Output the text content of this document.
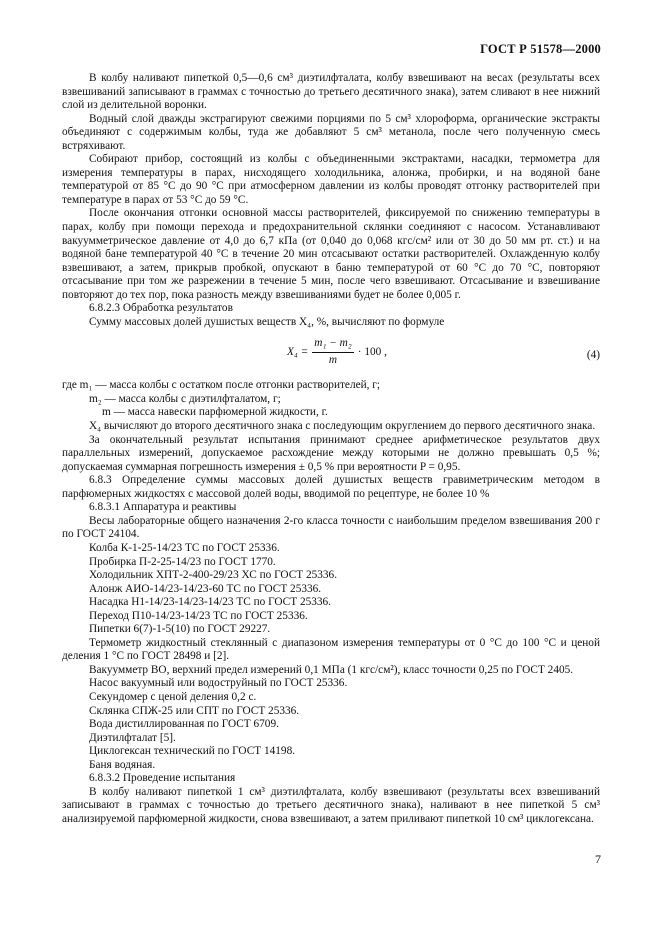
ГОСТ Р 51578—2000

В колбу наливают пипеткой 0,5—0,6 см³ диэтилфталата, колбу взвешивают на весах (результаты всех взвешиваний записывают в граммах с точностью до третьего десятичного знака), затем сливают в нее нижний слой из делительной воронки.

Водный слой дважды экстрагируют свежими порциями по 5 см³ хлороформа, органические экстракты объединяют с содержимым колбы, туда же добавляют 5 см³ метанола, после чего полученную смесь встряхивают.

Собирают прибор, состоящий из колбы с объединенными экстрактами, насадки, термометра для измерения температуры в парах, нисходящего холодильника, алонжа, пробирки, и на водяной бане температурой от 85 °С до 90 °С при атмосферном давлении из колбы проводят отгонку растворителей при температуре в парах от 53 °С до 59 °С.

После окончания отгонки основной массы растворителей, фиксируемой по снижению температуры в парах, колбу при помощи перехода и предохранительной склянки соединяют с насосом. Устанавливают вакуумметрическое давление от 4,0 до 6,7 кПа (от 0,040 до 0,068 кгс/см² или от 30 до 50 мм рт. ст.) и на водяной бане температурой 40 °С в течение 20 мин отсасывают остатки растворителей. Охлажденную колбу взвешивают, а затем, прикрыв пробкой, опускают в баню температурой от 60 °С до 70 °С, повторяют отсасывание при том же разрежении в течение 5 мин, после чего взвешивают. Отсасывание и взвешивание повторяют до тех пор, пока разность между взвешиваниями будет не более 0,005 г.

6.8.2.3 Обработка результатов

Сумму массовых долей душистых веществ X₄, %, вычисляют по формуле

$X_4 = \frac{\text{m₁ − m₂}}{m} \cdot 100$ ,	(4)

где m₁ — масса колбы с остатком после отгонки растворителей, г;

m₂ — масса колбы с диэтилфталатом, г;

m — масса навески парфюмерной жидкости, г.

X₄ вычисляют до второго десятичного знака с последующим округлением до первого десятичного знака.

За окончательный результат испытания принимают среднее арифметическое результатов двух параллельных измерений, допускаемое расхождение между которыми не должно превышать 0,5 %; допускаемая суммарная погрешность измерения ± 0,5 % при вероятности P = 0,95.

6.8.3 Определение суммы массовых долей душистых веществ гравиметрическим методом в парфюмерных жидкостях с массовой долей воды, вводимой по рецептуре, не более 10 %

6.8.3.1 Аппаратура и реактивы

Весы лабораторные общего назначения 2-го класса точности с наибольшим пределом взвешивания 200 г по ГОСТ 24104.

Колба К-1-25-14/23 ТС по ГОСТ 25336.

Пробирка П-2-25-14/23 по ГОСТ 1770.

Холодильник ХПТ-2-400-29/23 ХС по ГОСТ 25336.

Алонж АИО-14/23-14/23-60 ТС по ГОСТ 25336.

Насадка Н1-14/23-14/23-14/23 ТС по ГОСТ 25336.

Переход П10-14/23-14/23 ТС по ГОСТ 25336.

Пипетки 6(7)-1-5(10) по ГОСТ 29227.

Термометр жидкостный стеклянный с диапазоном измерения температуры от 0 °С до 100 °С и ценой деления 1 °С по ГОСТ 28498 и [2].

Вакуумметр ВО, верхний предел измерений 0,1 МПа (1 кгс/см²), класс точности 0,25 по ГОСТ 2405.

Насос вакуумный или водоструйный по ГОСТ 25336.

Секундомер с ценой деления 0,2 с.

Склянка СПЖ-25 или СПТ по ГОСТ 25336.

Вода дистиллированная по ГОСТ 6709.

Диэтилфталат [5].

Циклогексан технический по ГОСТ 14198.

Баня водяная.

6.8.3.2 Проведение испытания

В колбу наливают пипеткой 1 см³ диэтилфталата, колбу взвешивают (результаты всех взвешиваний записывают в граммах с точностью до третьего десятичного знака), наливают в нее пипеткой 5 см³ анализируемой парфюмерной жидкости, снова взвешивают, а затем приливают пипеткой 10 см³ циклогексана.

7
